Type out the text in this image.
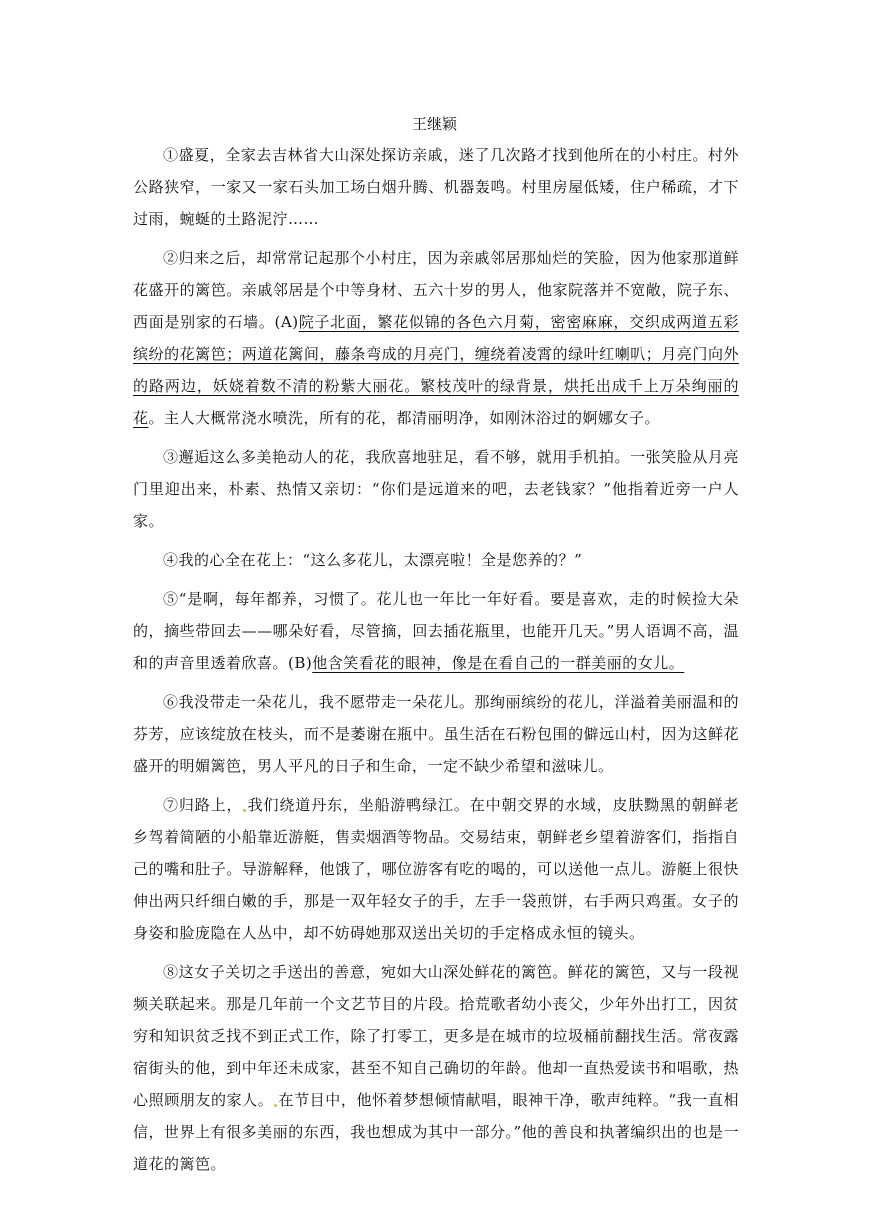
王继颖

①盛夏，全家去吉林省大山深处探访亲戚，迷了几次路才找到他所在的小村庄。村外公路狭窄，一家又一家石头加工场白烟升腾、机器轰鸣。村里房屋低矮，住户稀疏，才下过雨，蜿蜒的土路泥泞……

②归来之后，却常常记起那个小村庄，因为亲戚邻居那灿烂的笑脸，因为他家那道鲜花盛开的篱笆。亲戚邻居是个中等身材、五六十岁的男人，他家院落并不宽敞，院子东、西面是别家的石墙。(A)院子北面，繁花似锦的各色六月菊，密密麻麻，交织成两道五彩缤纷的花篱笆；两道花篱间，藤条弯成的月亮门，缠绕着凌霄的绿叶红喇叭；月亮门向外的路两边，妖娆着数不清的粉紫大丽花。繁枝茂叶的绿背景，烘托出成千上万朵绚丽的花。主人大概常浇水喷洗，所有的花，都清丽明净，如刚沐浴过的婀娜女子。

③邂逅这么多美艳动人的花，我欣喜地驻足，看不够，就用手机拍。一张笑脸从月亮门里迎出来，朴素、热情又亲切：“你们是远道来的吧，去老钱家？”他指着近旁一户人家。

④我的心全在花上：“这么多花儿，太漂亮啦！全是您养的？”

⑤“是啊，每年都养，习惯了。花儿也一年比一年好看。要是喜欢，走的时候捡大朵的，摘些带回去——哪朵好看，尽管摘，回去插花瓶里，也能开几天。”男人语调不高，温和的声音里透着欣喜。(B)他含笑看花的眼神，像是在看自己的一群美丽的女儿。

⑥我没带走一朵花儿，我不愿带走一朵花儿。那绚丽缤纷的花儿，洋溢着美丽温和的芬芳，应该绽放在枝头，而不是萎谢在瓶中。虽生活在石粉包围的僻远山村，因为这鲜花盛开的明媚篱笆，男人平凡的日子和生命，一定不缺少希望和滋味儿。

⑦归路上， 我们绕道丹东，坐船游鸭绿江。在中朝交界的水域，皮肤黝黑的朝鲜老乡驾着简陋的小船靠近游艇，售卖烟酒等物品。交易结束，朝鲜老乡望着游客们，指指自己的嘴和肚子。导游解释，他饿了，哪位游客有吃的喝的，可以送他一点儿。游艇上很快伸出两只纤细白嫩的手，那是一双年轻女子的手，左手一袋煎饼，右手两只鸡蛋。女子的身姿和脸庞隐在人丛中，却不妨碍她那双送出关切的手定格成永恒的镜头。

⑧这女子关切之手送出的善意，宛如大山深处鲜花的篱笆。鲜花的篱笆，又与一段视频关联起来。那是几年前一个文艺节目的片段。拾荒歌者幼小丧父，少年外出打工，因贫穷和知识贫乏找不到正式工作，除了打零工，更多是在城市的垃圾桶前翻找生活。常夜露宿街头的他，到中年还未成家，甚至不知自己确切的年龄。他却一直热爱读书和唱歌，热心照顾朋友的家人。 在节目中，他怀着梦想倾情献唱，眼神干净，歌声纯粹。“我一直相信，世界上有很多美丽的东西，我也想成为其中一部分。”他的善良和执著编织出的也是一道花的篱笆。
